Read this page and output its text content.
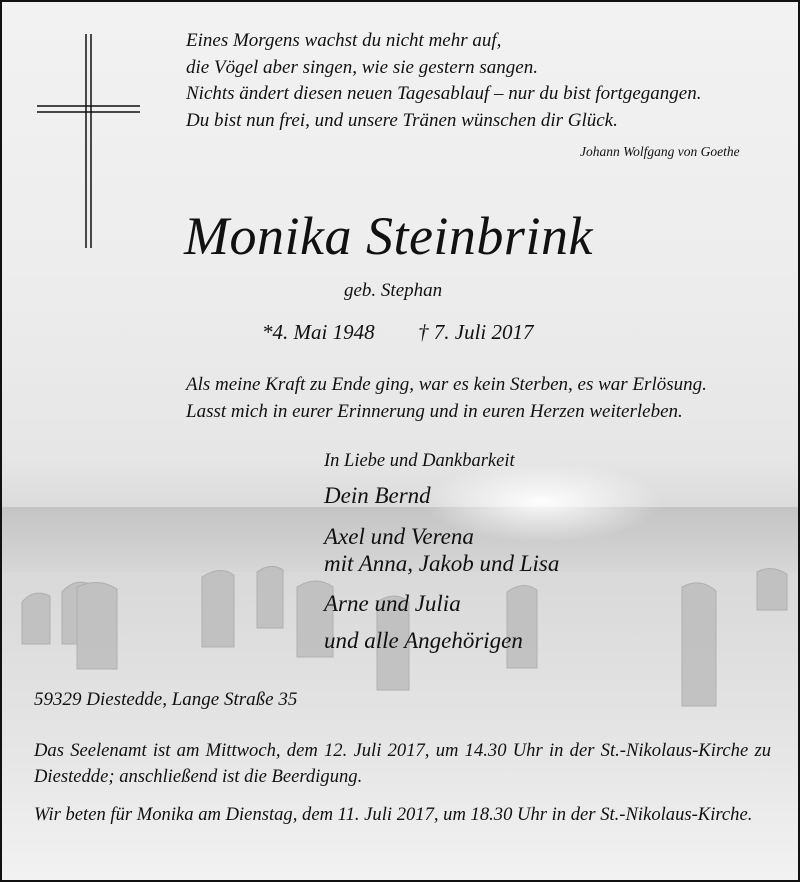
Eines Morgens wachst du nicht mehr auf,
die Vögel aber singen, wie sie gestern sangen.
Nichts ändert diesen neuen Tagesablauf – nur du bist fortgegangen.
Du bist nun frei, und unsere Tränen wünschen dir Glück.
Johann Wolfgang von Goethe
Monika Steinbrink
geb. Stephan
*4. Mai 1948 † 7. Juli 2017
Als meine Kraft zu Ende ging, war es kein Sterben, es war Erlösung.
Lasst mich in eurer Erinnerung und in euren Herzen weiterleben.
In Liebe und Dankbarkeit
Dein Bernd
Axel und Verena
mit Anna, Jakob und Lisa
Arne und Julia
und alle Angehörigen
59329 Diestedde, Lange Straße 35

Das Seelenamt ist am Mittwoch, dem 12. Juli 2017, um 14.30 Uhr in der St.-Nikolaus-Kirche zu Diestedde; anschließend ist die Beerdigung.

Wir beten für Monika am Dienstag, dem 11. Juli 2017, um 18.30 Uhr in der St.-Nikolaus-Kirche.
